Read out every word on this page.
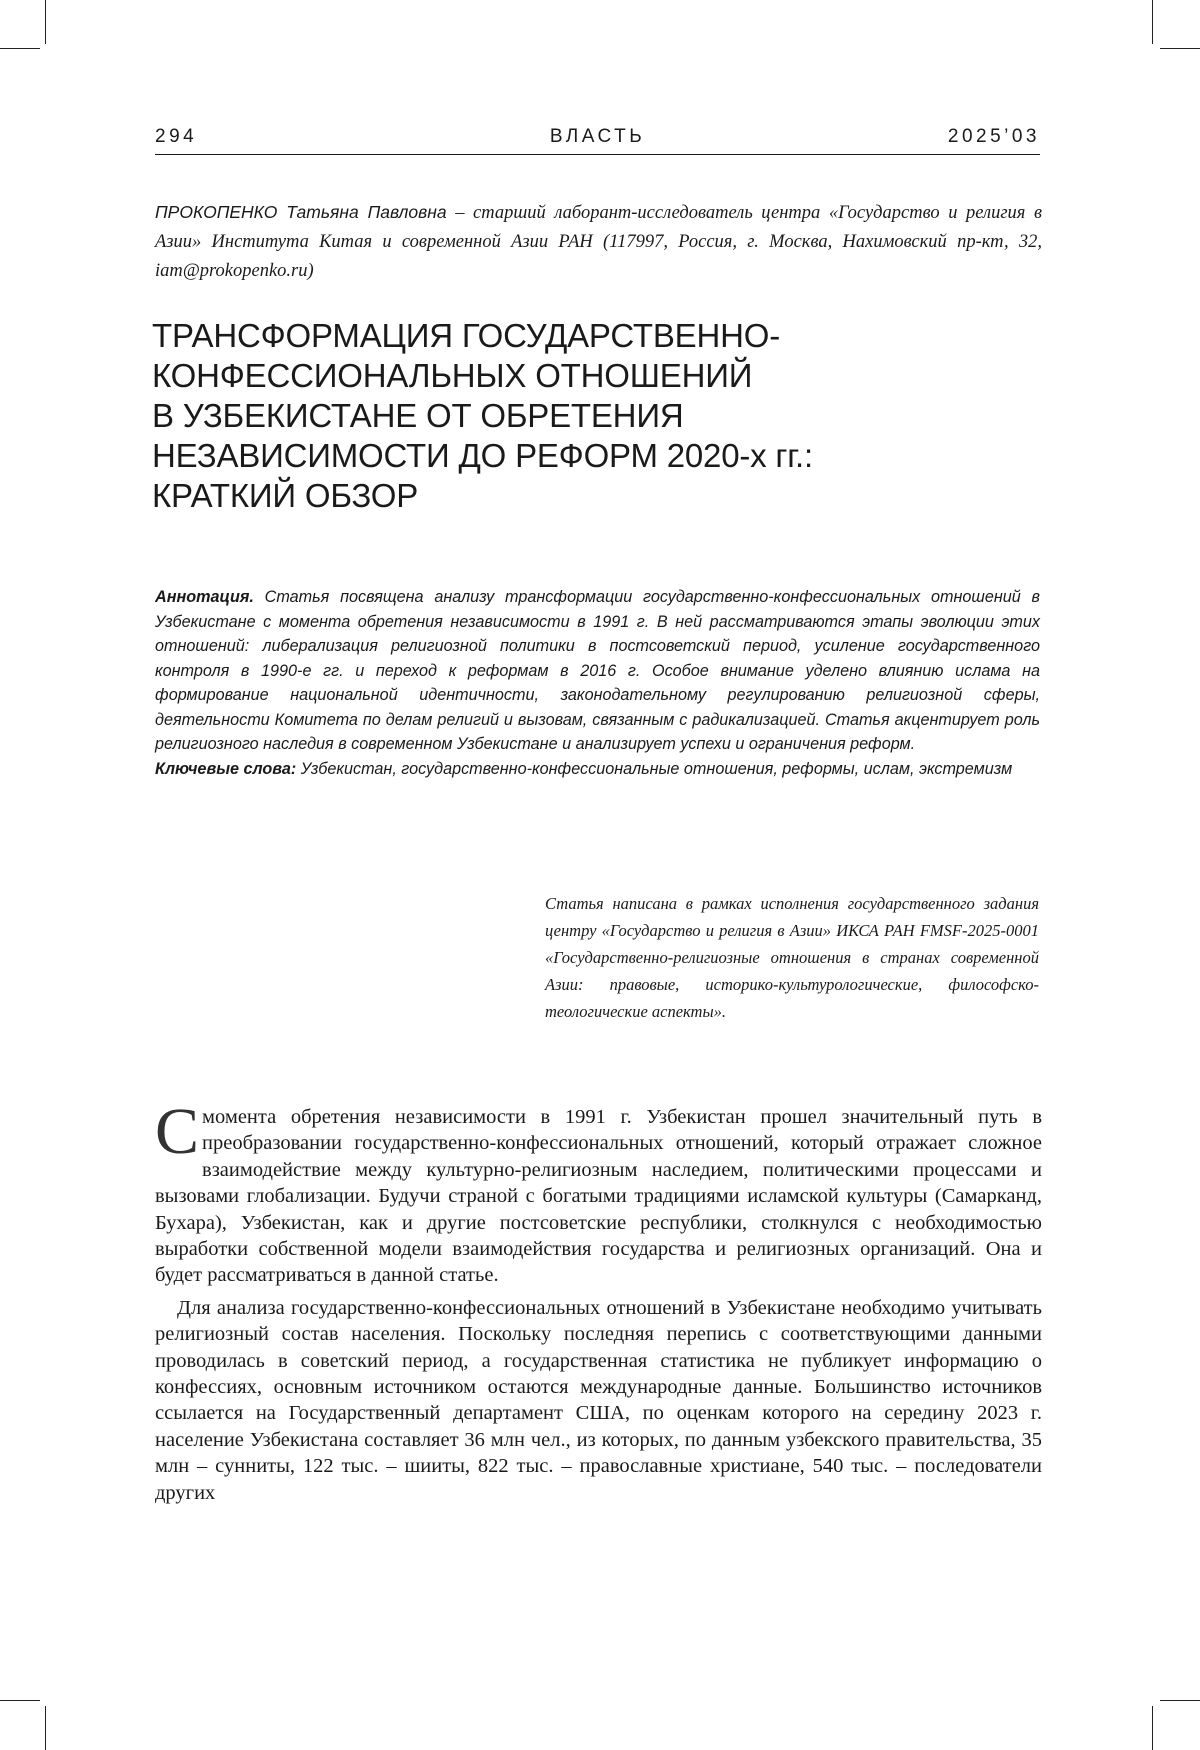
294	ВЛАСТЬ	2025’03
ПРОКОПЕНКО Татьяна Павловна – старший лаборант-исследователь центра «Государство и религия в Азии» Института Китая и современной Азии РАН (117997, Россия, г. Москва, Нахимовский пр-кт, 32, iam@prokopenko.ru)
ТРАНСФОРМАЦИЯ ГОСУДАРСТВЕННО-
КОНФЕССИОНАЛЬНЫХ ОТНОШЕНИЙ
В УЗБЕКИСТАНЕ ОТ ОБРЕТЕНИЯ
НЕЗАВИСИМОСТИ ДО РЕФОРМ 2020-х гг.:
КРАТКИЙ ОБЗОР

Аннотация. Статья посвящена анализу трансформации государственно-конфессиональных отношений в Узбекистане с момента обретения независимости в 1991 г. В ней рассматриваются этапы эволюции этих отношений: либерализация религиозной политики в постсоветский период, усиление государственного контроля в 1990-е гг. и переход к реформам в 2016 г. Особое внимание уделено влиянию ислама на формирование национальной идентичности, законодательному регулированию религиозной сферы, деятельности Комитета по делам религий и вызовам, связанным с радикализацией. Статья акцентирует роль религиозного наследия в современном Узбекистане и анализирует успехи и ограничения реформ.

Ключевые слова: Узбекистан, государственно-конфессиональные отношения, реформы, ислам, экстремизм

Статья написана в рамках исполнения государственного задания центру «Государство и религия в Азии» ИКСА РАН FMSF-2025-0001 «Государственно-религиозные отношения в странах современной Азии: правовые, историко-культурологические, философско-теологические аспекты».

Смомента обретения независимости в 1991 г. Узбекистан прошел значительный путь в преобразовании государственно-конфессиональных отношений, который отражает сложное взаимодействие между культурно-религиозным наследием, политическими процессами и вызовами глобализации. Будучи страной с богатыми традициями исламской культуры (Самарканд, Бухара), Узбекистан, как и другие постсоветские республики, столкнулся с необходимостью выработки собственной модели взаимодействия государства и религиозных организаций. Она и будет рассматриваться в данной статье.

Для анализа государственно-конфессиональных отношений в Узбекистане необходимо учитывать религиозный состав населения. Поскольку последняя перепись с соответствующими данными проводилась в советский период, а государственная статистика не публикует информацию о конфессиях, основным источником остаются международные данные. Большинство источников ссылается на Государственный департамент США, по оценкам которого на середину 2023 г. население Узбекистана составляет 36 млн чел., из которых, по данным узбекского правительства, 35 млн – сунниты, 122 тыс. – шииты, 822 тыс. – православные христиане, 540 тыс. – последователи других
